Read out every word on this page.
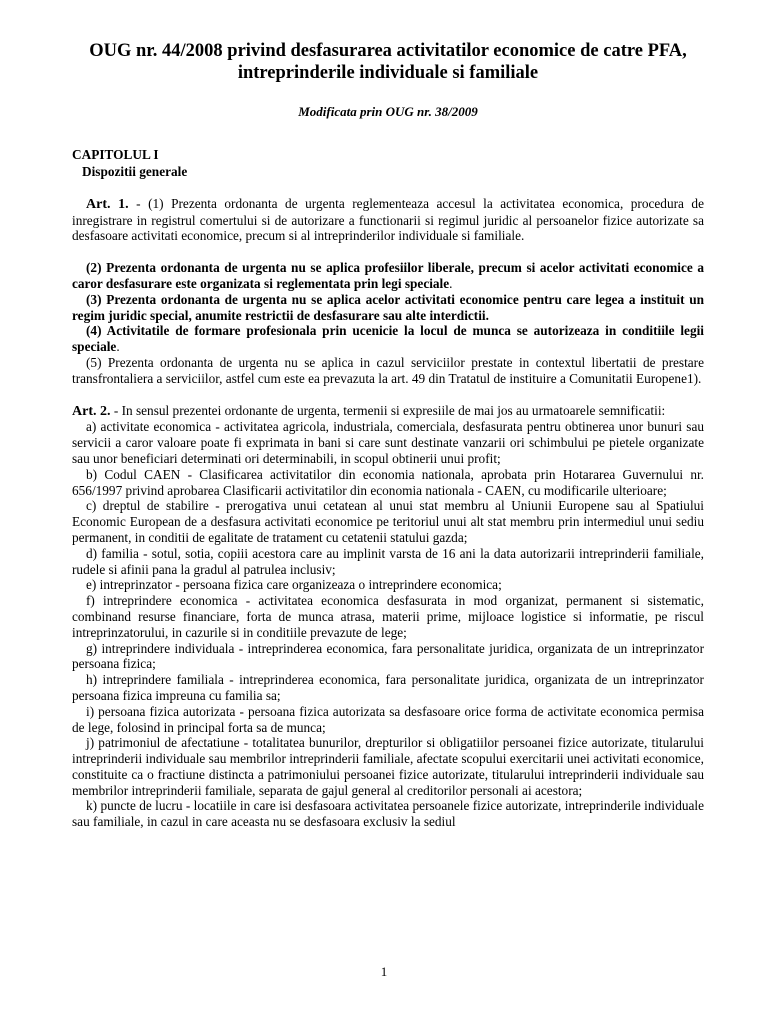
OUG nr. 44/2008 privind desfasurarea activitatilor economice de catre PFA, intreprinderile individuale si familiale

Modificata prin OUG nr. 38/2009

CAPITOLUL I
Dispozitii generale

Art. 1. - (1) Prezenta ordonanta de urgenta reglementeaza accesul la activitatea economica, procedura de inregistrare in registrul comertului si de autorizare a functionarii si regimul juridic al persoanelor fizice autorizate sa desfasoare activitati economice, precum si al intreprinderilor individuale si familiale.

(2) Prezenta ordonanta de urgenta nu se aplica profesiilor liberale, precum si acelor activitati economice a caror desfasurare este organizata si reglementata prin legi speciale.

(3) Prezenta ordonanta de urgenta nu se aplica acelor activitati economice pentru care legea a instituit un regim juridic special, anumite restrictii de desfasurare sau alte interdictii.

(4) Activitatile de formare profesionala prin ucenicie la locul de munca se autorizeaza in conditiile legii speciale.

(5) Prezenta ordonanta de urgenta nu se aplica in cazul serviciilor prestate in contextul libertatii de prestare transfrontaliera a serviciilor, astfel cum este ea prevazuta la art. 49 din Tratatul de instituire a Comunitatii Europene1).

Art. 2. - In sensul prezentei ordonante de urgenta, termenii si expresiile de mai jos au urmatoarele semnificatii:

a) activitate economica - activitatea agricola, industriala, comerciala, desfasurata pentru obtinerea unor bunuri sau servicii a caror valoare poate fi exprimata in bani si care sunt destinate vanzarii ori schimbului pe pietele organizate sau unor beneficiari determinati ori determinabili, in scopul obtinerii unui profit;

b) Codul CAEN - Clasificarea activitatilor din economia nationala, aprobata prin Hotararea Guvernului nr. 656/1997 privind aprobarea Clasificarii activitatilor din economia nationala - CAEN, cu modificarile ulterioare;

c) dreptul de stabilire - prerogativa unui cetatean al unui stat membru al Uniunii Europene sau al Spatiului Economic European de a desfasura activitati economice pe teritoriul unui alt stat membru prin intermediul unui sediu permanent, in conditii de egalitate de tratament cu cetatenii statului gazda;

d) familia - sotul, sotia, copiii acestora care au implinit varsta de 16 ani la data autorizarii intreprinderii familiale, rudele si afinii pana la gradul al patrulea inclusiv;

e) intreprinzator - persoana fizica care organizeaza o intreprindere economica;

f) intreprindere economica - activitatea economica desfasurata in mod organizat, permanent si sistematic, combinand resurse financiare, forta de munca atrasa, materii prime, mijloace logistice si informatie, pe riscul intreprinzatorului, in cazurile si in conditiile prevazute de lege;

g) intreprindere individuala - intreprinderea economica, fara personalitate juridica, organizata de un intreprinzator persoana fizica;

h) intreprindere familiala - intreprinderea economica, fara personalitate juridica, organizata de un intreprinzator persoana fizica impreuna cu familia sa;

i) persoana fizica autorizata - persoana fizica autorizata sa desfasoare orice forma de activitate economica permisa de lege, folosind in principal forta sa de munca;

j) patrimoniul de afectatiune - totalitatea bunurilor, drepturilor si obligatiilor persoanei fizice autorizate, titularului intreprinderii individuale sau membrilor intreprinderii familiale, afectate scopului exercitarii unei activitati economice, constituite ca o fractiune distincta a patrimoniului persoanei fizice autorizate, titularului intreprinderii individuale sau membrilor intreprinderii familiale, separata de gajul general al creditorilor personali ai acestora;

k) puncte de lucru - locatiile in care isi desfasoara activitatea persoanele fizice autorizate, intreprinderile individuale sau familiale, in cazul in care aceasta nu se desfasoara exclusiv la sediul

1
